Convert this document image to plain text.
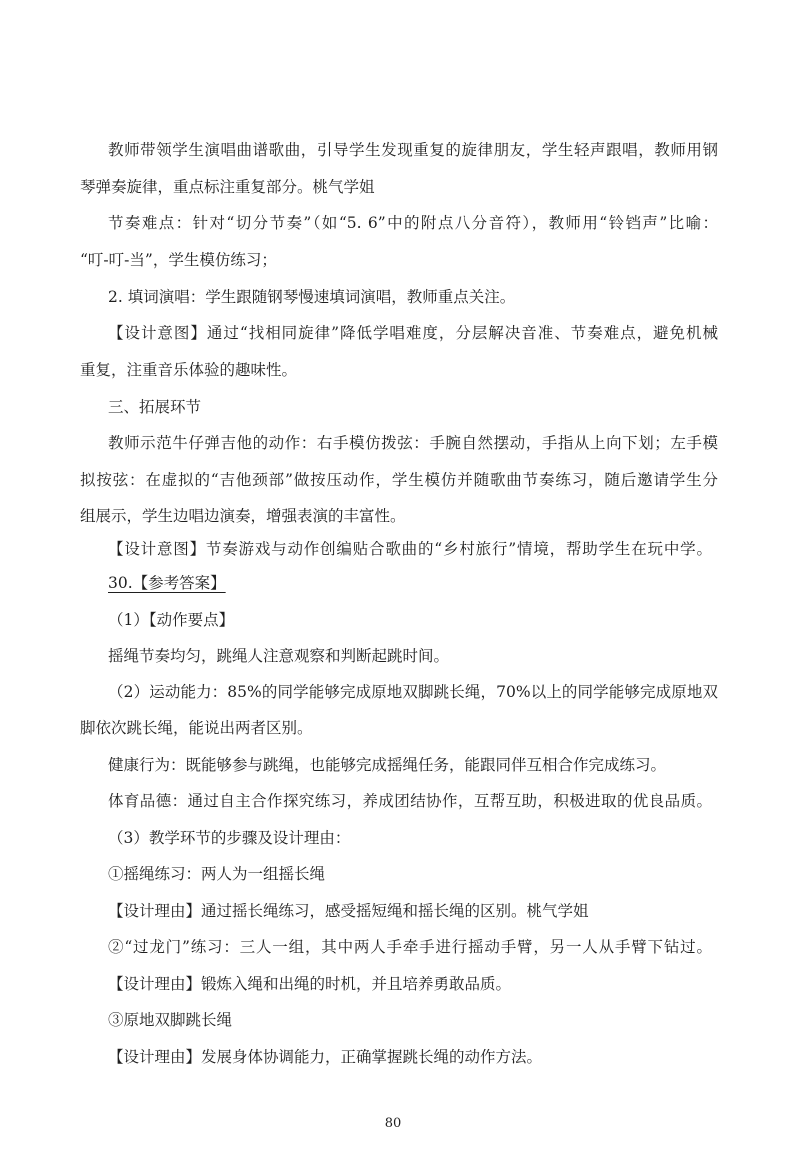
教师带领学生演唱曲谱歌曲，引导学生发现重复的旋律朋友，学生轻声跟唱，教师用钢
琴弹奏旋律，重点标注重复部分。桃气学姐
节奏难点：针对“切分节奏”（如“5. 6”中的附点八分音符），教师用“铃铛声”比喻：
“叮-叮-当”，学生模仿练习；
2. 填词演唱：学生跟随钢琴慢速填词演唱，教师重点关注。
【设计意图】通过“找相同旋律”降低学唱难度，分层解决音准、节奏难点，避免机械
重复，注重音乐体验的趣味性。
三、拓展环节
教师示范牛仔弹吉他的动作：右手模仿拨弦：手腕自然摆动，手指从上向下划；左手模
拟按弦：在虚拟的“吉他颈部”做按压动作，学生模仿并随歌曲节奏练习，随后邀请学生分
组展示，学生边唱边演奏，增强表演的丰富性。
【设计意图】节奏游戏与动作创编贴合歌曲的“乡村旅行”情境，帮助学生在玩中学。
30.【参考答案】
（1）【动作要点】
摇绳节奏均匀，跳绳人注意观察和判断起跳时间。
（2）运动能力：85%的同学能够完成原地双脚跳长绳，70%以上的同学能够完成原地双
脚依次跳长绳，能说出两者区别。
健康行为：既能够参与跳绳，也能够完成摇绳任务，能跟同伴互相合作完成练习。
体育品德：通过自主合作探究练习，养成团结协作，互帮互助，积极进取的优良品质。
（3）教学环节的步骤及设计理由：
①摇绳练习：两人为一组摇长绳
【设计理由】通过摇长绳练习，感受摇短绳和摇长绳的区别。桃气学姐
②“过龙门”练习：三人一组，其中两人手牵手进行摇动手臂，另一人从手臂下钻过。
【设计理由】锻炼入绳和出绳的时机，并且培养勇敢品质。
③原地双脚跳长绳
【设计理由】发展身体协调能力，正确掌握跳长绳的动作方法。
80
